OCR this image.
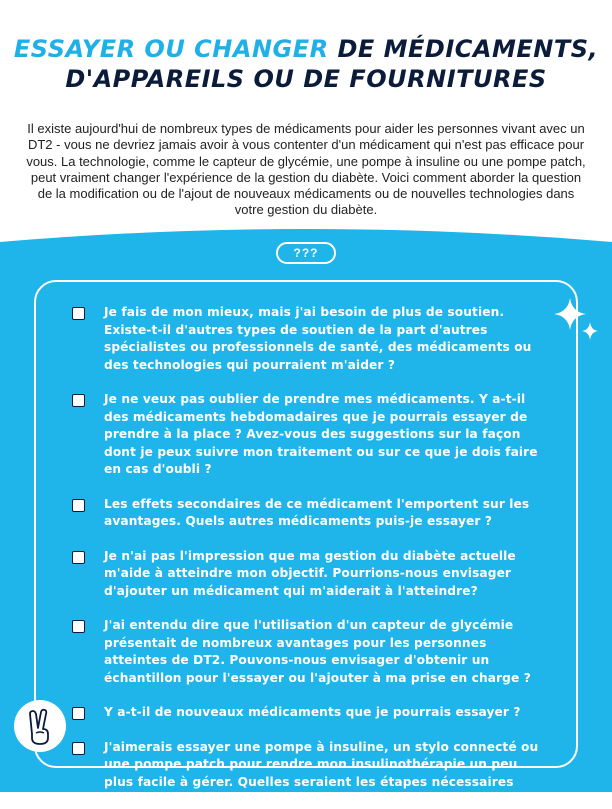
ESSAYER OU CHANGER DE MÉDICAMENTS,
D'APPAREILS OU DE FOURNITURES
Il existe aujourd'hui de nombreux types de médicaments pour aider les personnes vivant avec un DT2 - vous ne devriez jamais avoir à vous contenter d'un médicament qui n'est pas efficace pour vous. La technologie, comme le capteur de glycémie, une pompe à insuline ou une pompe patch, peut vraiment changer l'expérience de la gestion du diabète. Voici comment aborder la question de la modification ou de l'ajout de nouveaux médicaments ou de nouvelles technologies dans votre gestion du diabète.
???
Je fais de mon mieux, mais j'ai besoin de plus de soutien. Existe-t-il d'autres types de soutien de la part d'autres spécialistes ou professionnels de santé, des médicaments ou des technologies qui pourraient m'aider ?
Je ne veux pas oublier de prendre mes médicaments. Y a-t-il des médicaments hebdomadaires que je pourrais essayer de prendre à la place ? Avez-vous des suggestions sur la façon dont je peux suivre mon traitement ou sur ce que je dois faire en cas d'oubli ?
Les effets secondaires de ce médicament l'emportent sur les avantages. Quels autres médicaments puis-je essayer ?
Je n'ai pas l'impression que ma gestion du diabète actuelle m'aide à atteindre mon objectif. Pourrions-nous envisager d'ajouter un médicament qui m'aiderait à l'atteindre?
J'ai entendu dire que l'utilisation d'un capteur de glycémie présentait de nombreux avantages pour les personnes atteintes de DT2. Pouvons-nous envisager d'obtenir un échantillon pour l'essayer ou l'ajouter à ma prise en charge ?
Y a-t-il de nouveaux médicaments que je pourrais essayer ?
J'aimerais essayer une pompe à insuline, un stylo connecté ou une pompe patch pour rendre mon insulinothérapie un peu plus facile à gérer. Quelles seraient les étapes nécessaires pour y parvenir ?
